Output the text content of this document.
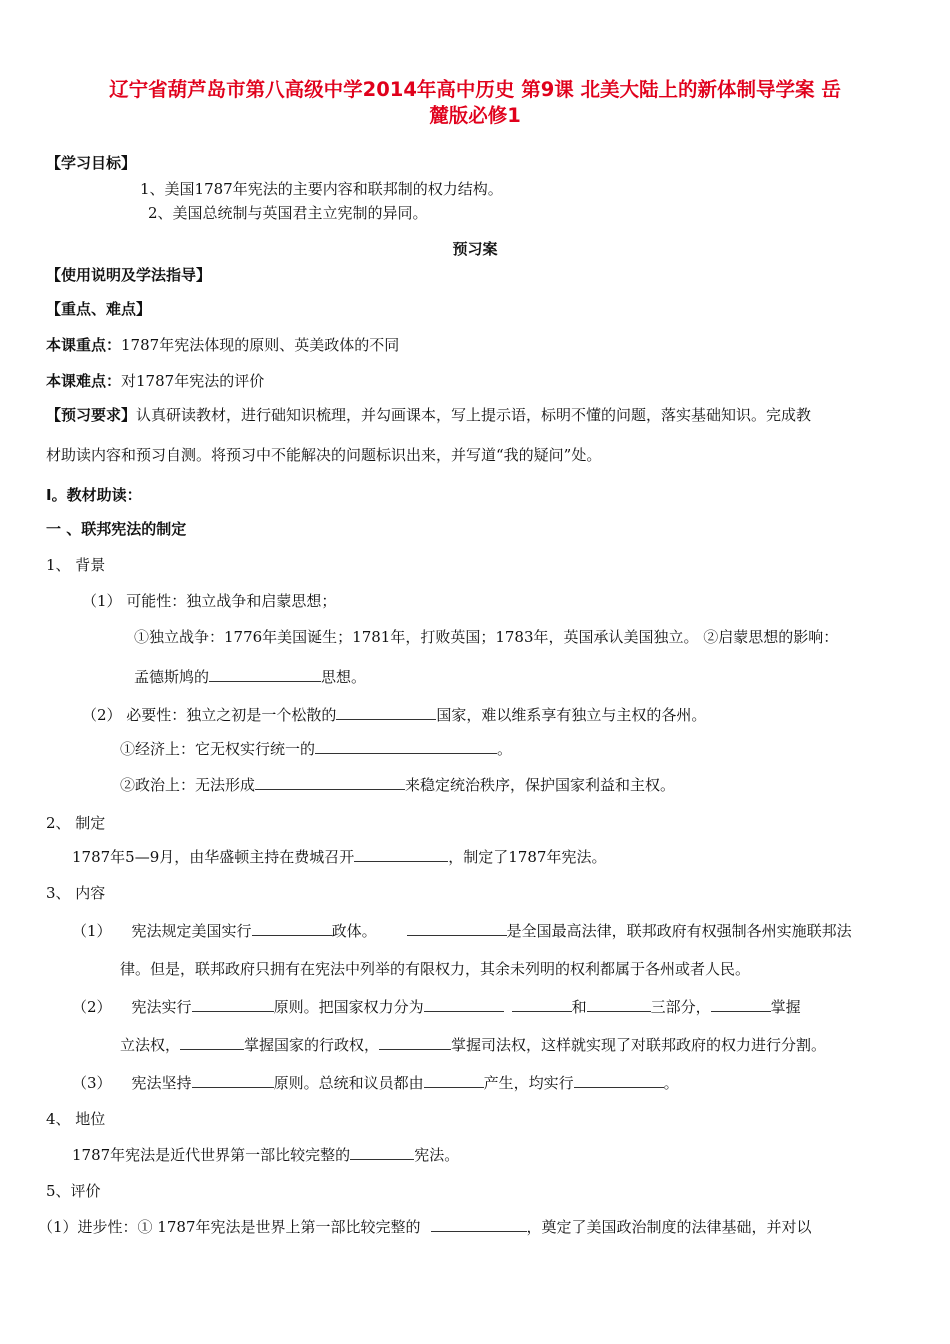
辽宁省葫芦岛市第八高级中学2014年高中历史 第9课 北美大陆上的新体制导学案 岳
麓版必修1
【学习目标】
1、美国1787年宪法的主要内容和联邦制的权力结构。
2、美国总统制与英国君主立宪制的异同。
预习案
【使用说明及学法指导】
【重点、难点】
本课重点：1787年宪法体现的原则、英美政体的不同
本课难点：对1787年宪法的评价
【预习要求】认真研读教材，进行础知识梳理，并勾画课本，写上提示语，标明不懂的问题，落实基础知识。完成教
材助读内容和预习自测。将预习中不能解决的问题标识出来，并写道“我的疑问”处。
Ⅰ。教材助读：
一 、联邦宪法的制定
1、 背景
（1） 可能性：独立战争和启蒙思想；
①独立战争：1776年美国诞生；1781年，打败英国；1783年，英国承认美国独立。 ②启蒙思想的影响：
孟德斯鸠的	思想。
（2） 必要性：独立之初是一个松散的	国家，难以维系享有独立与主权的各州。
①经济上：它无权实行统一的	。
②政治上：无法形成	来稳定统治秩序，保护国家利益和主权。
2、 制定
1787年5—9月，由华盛顿主持在费城召开	，制定了1787年宪法。
3、 内容
（1） 宪法规定美国实行	政体。	是全国最高法律，联邦政府有权强制各州实施联邦法
律。但是，联邦政府只拥有在宪法中列举的有限权力，其余未列明的权利都属于各州或者人民。
（2） 宪法实行	原则。把国家权力分为	和	三部分，	掌握
立法权，	掌握国家的行政权，	掌握司法权，这样就实现了对联邦政府的权力进行分割。
（3） 宪法坚持	原则。总统和议员都由	产生，均实行	。
4、 地位
1787年宪法是近代世界第一部比较完整的	宪法。
5、评价
（1）进步性：① 1787年宪法是世界上第一部比较完整的	，奠定了美国政治制度的法律基础，并对以
